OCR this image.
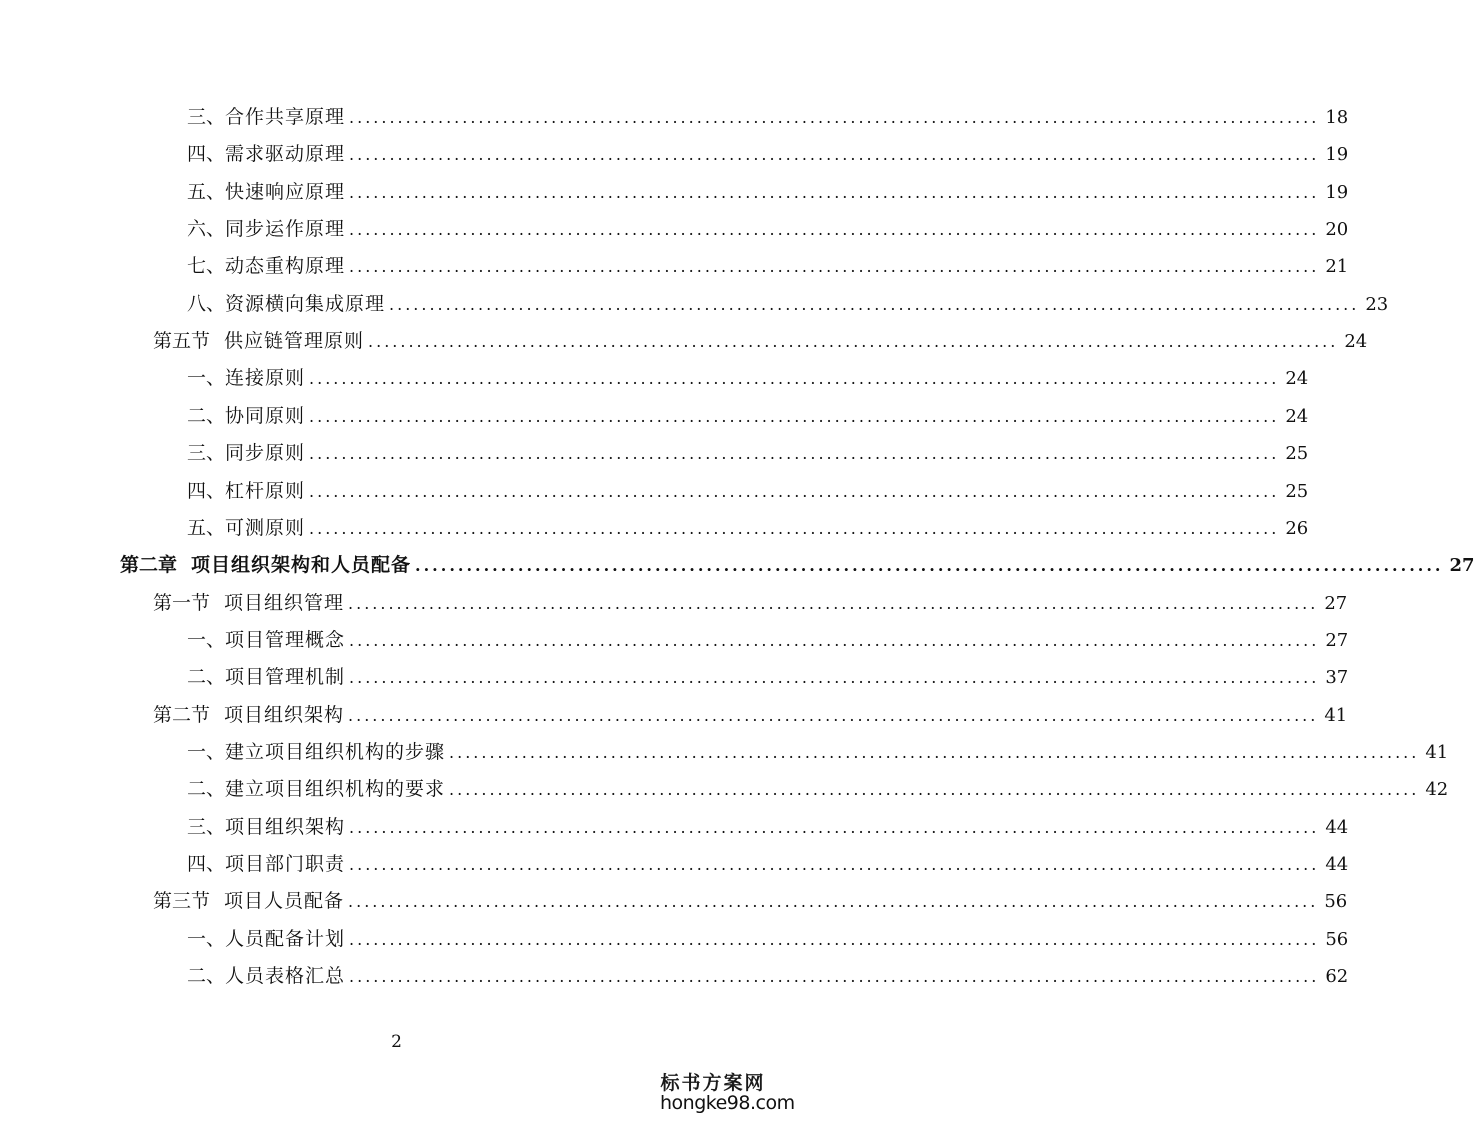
三、 合作共享原理 ........................................................................................................................ 18
四、 需求驱动原理 ........................................................................................................................ 19
五、 快速响应原理 ........................................................................................................................ 19
六、 同步运作原理 ........................................................................................................................ 20
七、 动态重构原理 ........................................................................................................................ 21
八、 资源横向集成原理 ........................................................................................................................ 23
第五节 供应链管理原则 ........................................................................................................................ 24
一、 连接原则 ........................................................................................................................ 24
二、 协同原则 ........................................................................................................................ 24
三、 同步原则 ........................................................................................................................ 25
四、 杠杆原则 ........................................................................................................................ 25
五、 可测原则 ........................................................................................................................ 26
第二章 项目组织架构和人员配备 ........................................................................................................................ 27
第一节 项目组织管理 ........................................................................................................................ 27
一、 项目管理概念 ........................................................................................................................ 27
二、 项目管理机制 ........................................................................................................................ 37
第二节 项目组织架构 ........................................................................................................................ 41
一、 建立项目组织机构的步骤 ........................................................................................................................ 41
二、 建立项目组织机构的要求 ........................................................................................................................ 42
三、 项目组织架构 ........................................................................................................................ 44
四、 项目部门职责 ........................................................................................................................ 44
第三节 项目人员配备 ........................................................................................................................ 56
一、 人员配备计划 ........................................................................................................................ 56
二、 人员表格汇总 ........................................................................................................................ 62
2
标书方案网
hongke98.com
